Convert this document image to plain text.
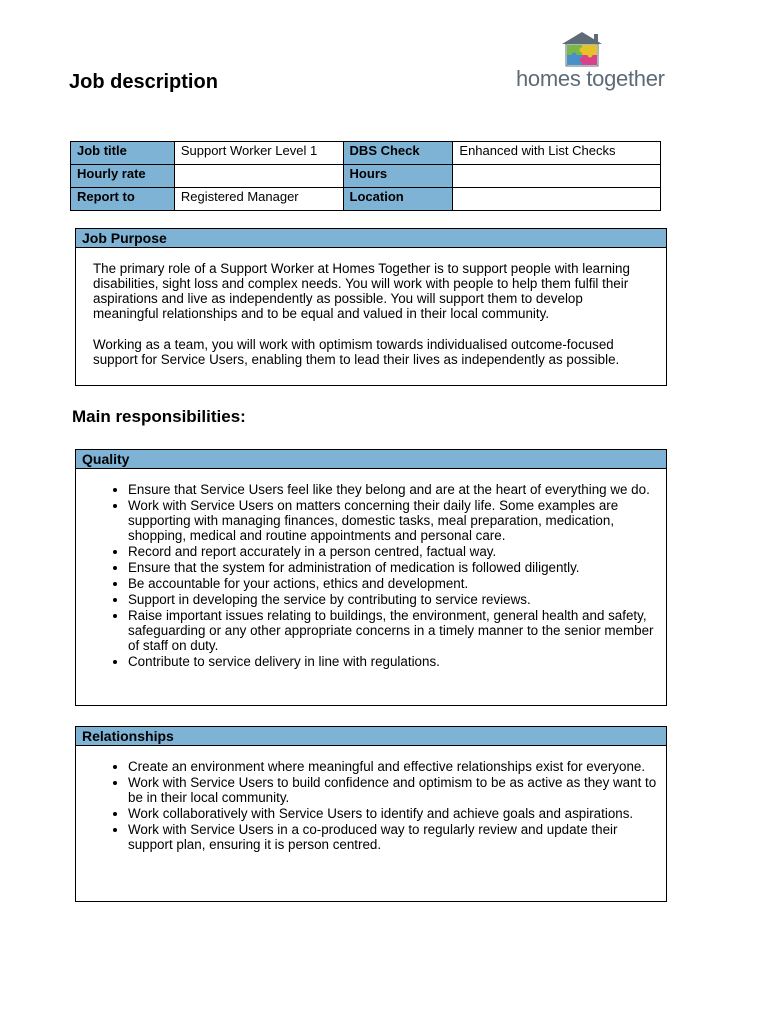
Job description	homes together
Job title	Support Worker Level 1	DBS Check	Enhanced with List Checks
Hourly rate		Hours	
Report to	Registered Manager	Location	
Job Purpose

The primary role of a Support Worker at Homes Together is to support people with learning disabilities, sight loss and complex needs. You will work with people to help them fulfil their aspirations and live as independently as possible. You will support them to develop meaningful relationships and to be equal and valued in their local community.

Working as a team, you will work with optimism towards individualised outcome-focused support for Service Users, enabling them to lead their lives as independently as possible.

Main responsibilities:
Quality
• Ensure that Service Users feel like they belong and are at the heart of everything we do.
• Work with Service Users on matters concerning their daily life. Some examples are supporting with managing finances, domestic tasks, meal preparation, medication, shopping, medical and routine appointments and personal care.
• Record and report accurately in a person centred, factual way.
• Ensure that the system for administration of medication is followed diligently.
• Be accountable for your actions, ethics and development.
• Support in developing the service by contributing to service reviews.
• Raise important issues relating to buildings, the environment, general health and safety, safeguarding or any other appropriate concerns in a timely manner to the senior member of staff on duty.
• Contribute to service delivery in line with regulations.
Relationships
• Create an environment where meaningful and effective relationships exist for everyone.
• Work with Service Users to build confidence and optimism to be as active as they want to be in their local community.
• Work collaboratively with Service Users to identify and achieve goals and aspirations.
• Work with Service Users in a co-produced way to regularly review and update their support plan, ensuring it is person centred.
